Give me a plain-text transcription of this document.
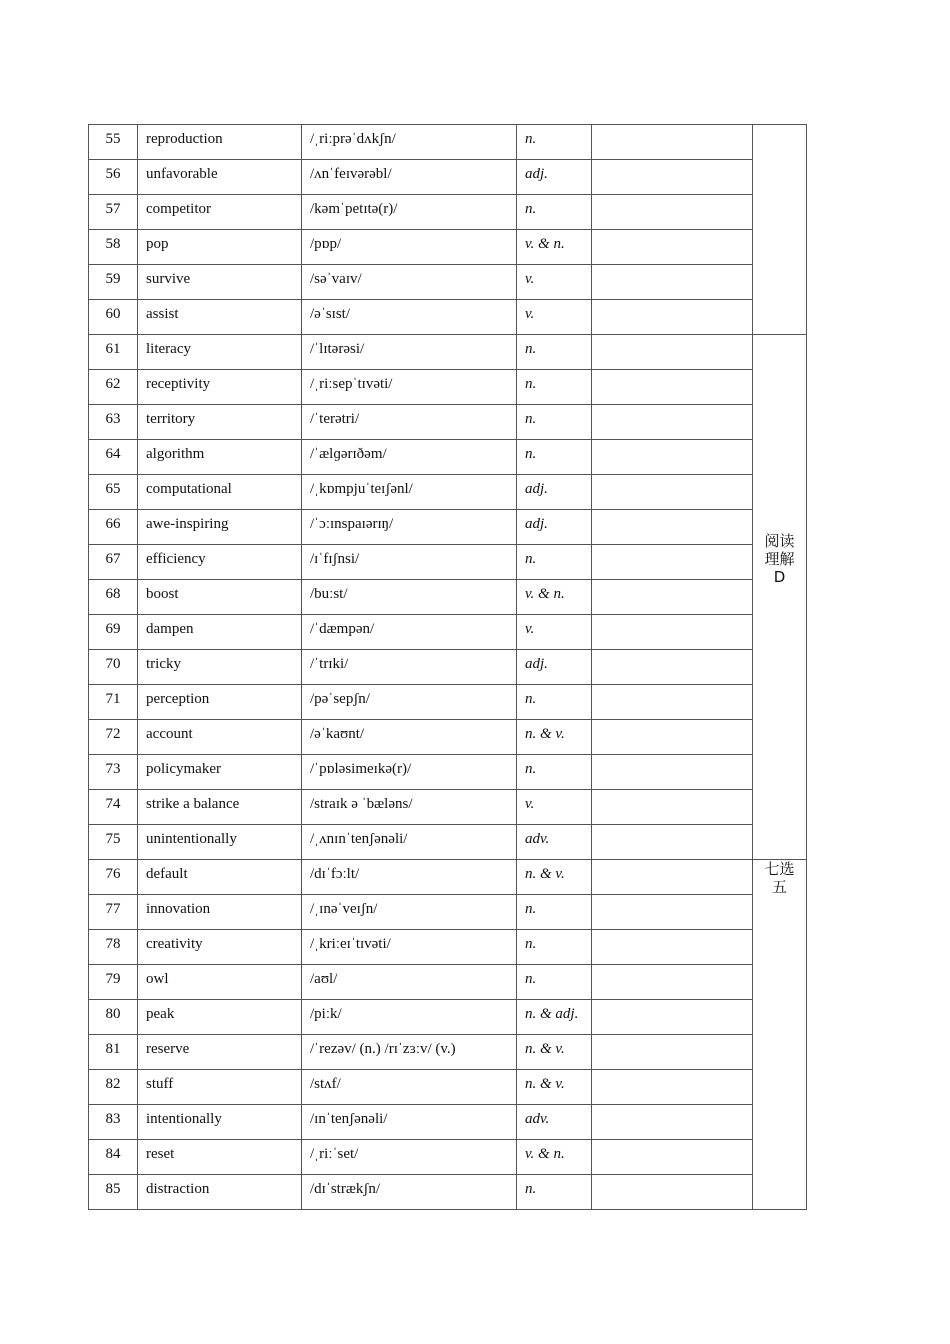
55	reproduction	/ˌriːprəˈdʌkʃn/	n.		

56	unfavorable	/ʌnˈfeɪvərəbl/	adj.		

57	competitor	/kəmˈpetɪtə(r)/	n.		

58	pop	/pɒp/	v. & n.		

59	survive	/səˈvaɪv/	v.		

60	assist	/əˈsɪst/	v.		

61	literacy	/ˈlɪtərəsi/	n.		阅读
理解
D

62	receptivity	/ˌriːsepˈtɪvəti/	n.		

63	territory	/ˈterətri/	n.		

64	algorithm	/ˈælɡərɪðəm/	n.		

65	computational	/ˌkɒmpjuˈteɪʃənl/	adj.		

66	awe-inspiring	/ˈɔːɪnspaɪərɪŋ/	adj.		

67	efficiency	/ɪˈfɪʃnsi/	n.		

68	boost	/buːst/	v. & n.		

69	dampen	/ˈdæmpən/	v.		

70	tricky	/ˈtrɪki/	adj.		

71	perception	/pəˈsepʃn/	n.		

72	account	/əˈkaʊnt/	n. & v.		

73	policymaker	/ˈpɒləsimeɪkə(r)/	n.		

74	strike a balance	/straɪk ə ˈbæləns/	v.		

75	unintentionally	/ˌʌnɪnˈtenʃənəli/	adv.		

76	default	/dɪˈfɔːlt/	n. & v.		七选
五

77	innovation	/ˌɪnəˈveɪʃn/	n.		

78	creativity	/ˌkriːeɪˈtɪvəti/	n.		

79	owl	/aʊl/	n.		

80	peak	/piːk/	n. & adj.		

81	reserve	/ˈrezəv/ (n.) /rɪˈzɜːv/ (v.)	n. & v.		

82	stuff	/stʌf/	n. & v.		

83	intentionally	/ɪnˈtenʃənəli/	adv.		

84	reset	/ˌriːˈset/	v. & n.		

85	distraction	/dɪˈstrækʃn/	n.		
